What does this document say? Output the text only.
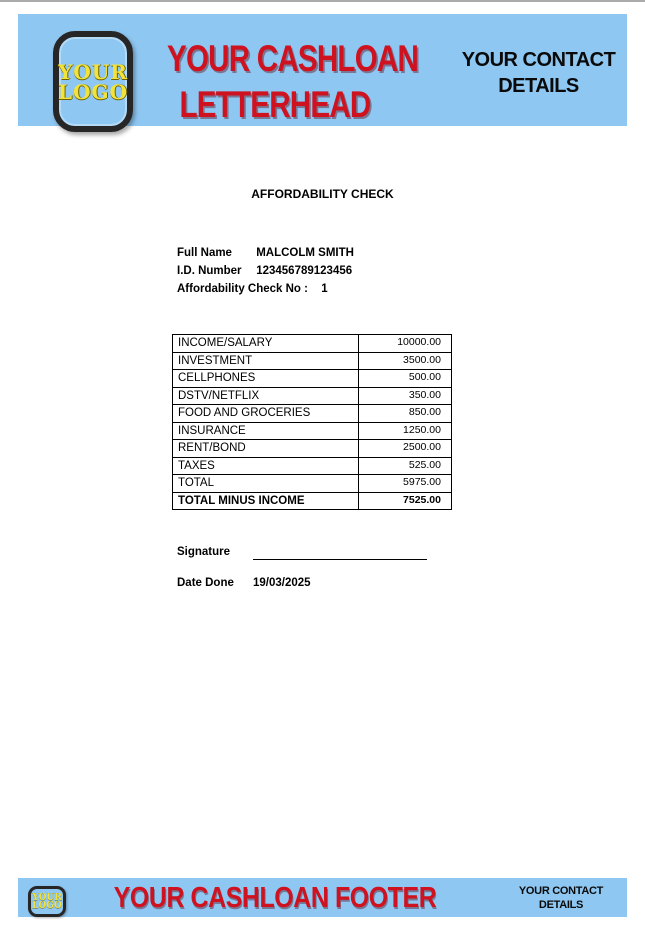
YOUR
LOGO
YOUR CASHLOAN
LETTERHEAD
YOUR CONTACT
DETAILS
AFFORDABILITY CHECK
Full Name MALCOLM SMITH
I.D. Number 123456789123456
Affordability Check No : 1
INCOME/SALARY	10000.00
INVESTMENT	3500.00
CELLPHONES	500.00
DSTV/NETFLIX	350.00
FOOD AND GROCERIES	850.00
INSURANCE	1250.00
RENT/BOND	2500.00
TAXES	525.00
TOTAL	5975.00
TOTAL MINUS INCOME	7525.00
Signature
Date Done 19/03/2025
YOUR
LOGO	YOUR CASHLOAN FOOTER	YOUR CONTACT
DETAILS
